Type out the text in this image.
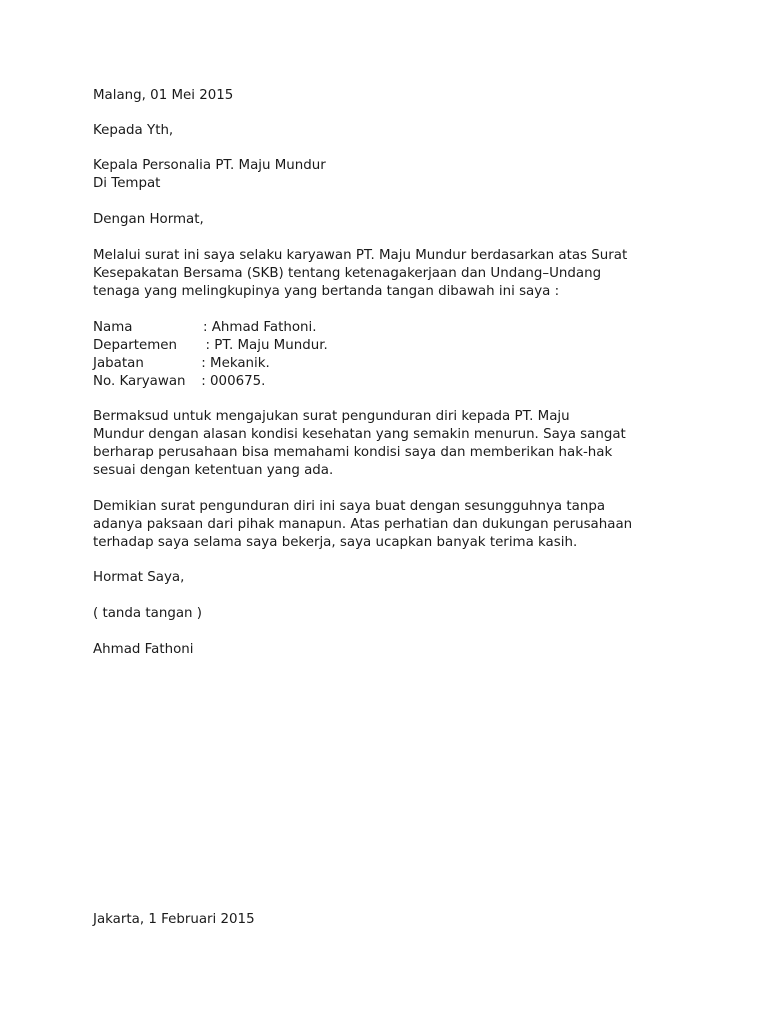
Malang, 01 Mei 2015

Kepada Yth,

Kepala Personalia PT. Maju Mundur

Di Tempat

Dengan Hormat,

Melalui surat ini saya selaku karyawan PT. Maju Mundur berdasarkan atas Surat

Kesepakatan Bersama (SKB) tentang ketenagakerjaan dan Undang–Undang

tenaga yang melingkupinya yang bertanda tangan dibawah ini saya :

Nama	: Ahmad Fathoni.

Departemen  : PT. Maju Mundur.

Jabatan	: Mekanik.

No. Karyawan : 000675.

Bermaksud untuk mengajukan surat pengunduran diri kepada PT. Maju

Mundur dengan alasan kondisi kesehatan yang semakin menurun. Saya sangat

berharap perusahaan bisa memahami kondisi saya dan memberikan hak-hak

sesuai dengan ketentuan yang ada.

Demikian surat pengunduran diri ini saya buat dengan sesungguhnya tanpa

adanya paksaan dari pihak manapun. Atas perhatian dan dukungan perusahaan

terhadap saya selama saya bekerja, saya ucapkan banyak terima kasih.

Hormat Saya,

( tanda tangan )

Ahmad Fathoni

Jakarta, 1 Februari 2015
